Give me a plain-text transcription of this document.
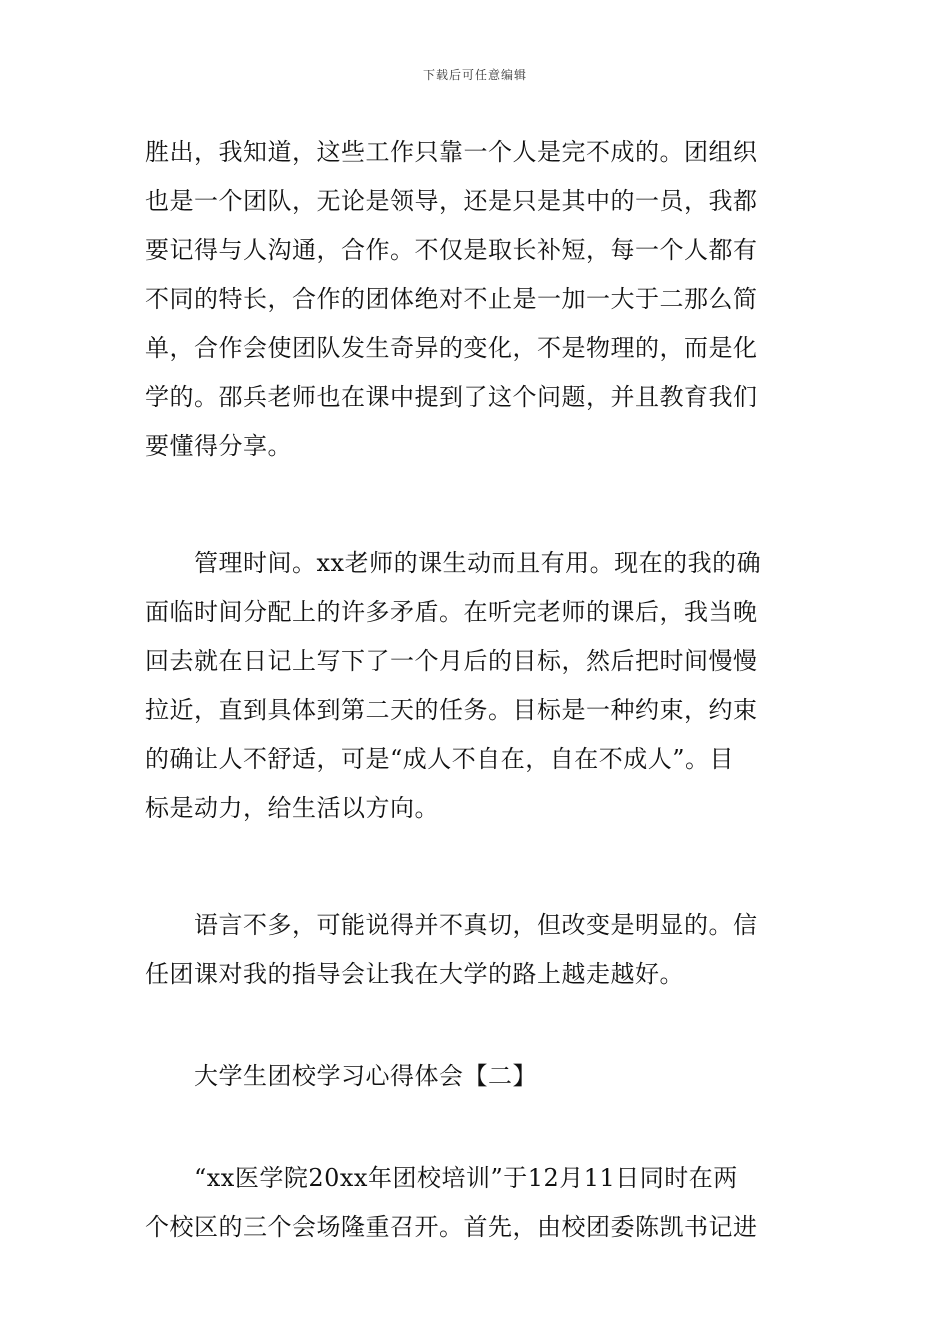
下载后可任意编辑
胜出，我知道，这些工作只靠一个人是完不成的。团组织
也是一个团队，无论是领导，还是只是其中的一员，我都
要记得与人沟通，合作。不仅是取长补短，每一个人都有
不同的特长，合作的团体绝对不止是一加一大于二那么简
单，合作会使团队发生奇异的变化，不是物理的，而是化
学的。邵兵老师也在课中提到了这个问题，并且教育我们
要懂得分享。
　　管理时间。xx老师的课生动而且有用。现在的我的确
面临时间分配上的许多矛盾。在听完老师的课后，我当晚
回去就在日记上写下了一个月后的目标，然后把时间慢慢
拉近，直到具体到第二天的任务。目标是一种约束，约束
的确让人不舒适，可是“成人不自在，自在不成人”。目
标是动力，给生活以方向。
　　语言不多，可能说得并不真切，但改变是明显的。信
任团课对我的指导会让我在大学的路上越走越好。
　　大学生团校学习心得体会【二】
　　“xx医学院20xx年团校培训”于12月11日同时在两
个校区的三个会场隆重召开。首先，由校团委陈凯书记进
